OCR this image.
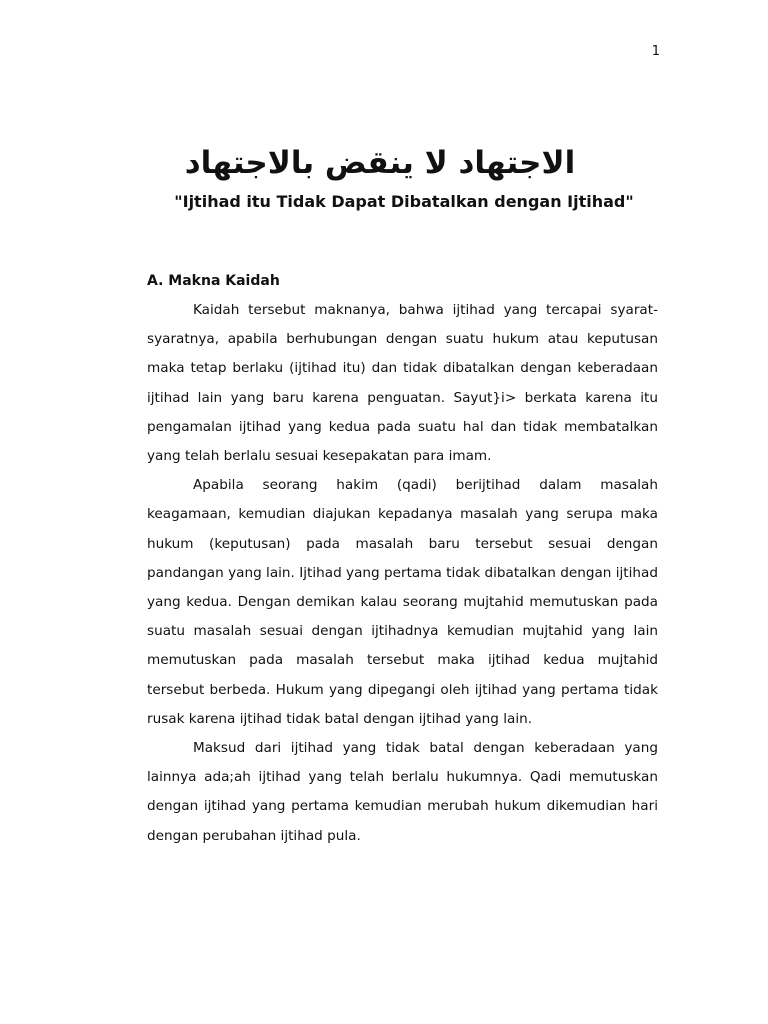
1
الاجتهاد لا ينقض بالاجتهاد
"Ijtihad itu Tidak Dapat Dibatalkan dengan Ijtihad"
A. Makna Kaidah

Kaidah tersebut maknanya, bahwa ijtihad yang tercapai syarat-syaratnya, apabila berhubungan dengan suatu hukum atau keputusan maka tetap berlaku (ijtihad itu) dan tidak dibatalkan dengan keberadaan ijtihad lain yang baru karena penguatan. Sayut}i> berkata karena itu pengamalan ijtihad yang kedua pada suatu hal dan tidak membatalkan yang telah berlalu sesuai kesepakatan para imam.

Apabila seorang hakim (qadi) berijtihad dalam masalah keagamaan, kemudian diajukan kepadanya masalah yang serupa maka hukum (keputusan) pada masalah baru tersebut sesuai dengan pandangan yang lain. Ijtihad yang pertama tidak dibatalkan dengan ijtihad yang kedua. Dengan demikan kalau seorang mujtahid memutuskan pada suatu masalah sesuai dengan ijtihadnya kemudian mujtahid yang lain memutuskan pada masalah tersebut maka ijtihad kedua mujtahid tersebut berbeda. Hukum yang dipegangi oleh ijtihad yang pertama tidak rusak karena ijtihad tidak batal dengan ijtihad yang lain.

Maksud dari ijtihad yang tidak batal dengan keberadaan yang lainnya ada;ah ijtihad yang telah berlalu hukumnya. Qadi memutuskan dengan ijtihad yang pertama kemudian merubah hukum dikemudian hari dengan perubahan ijtihad pula.
